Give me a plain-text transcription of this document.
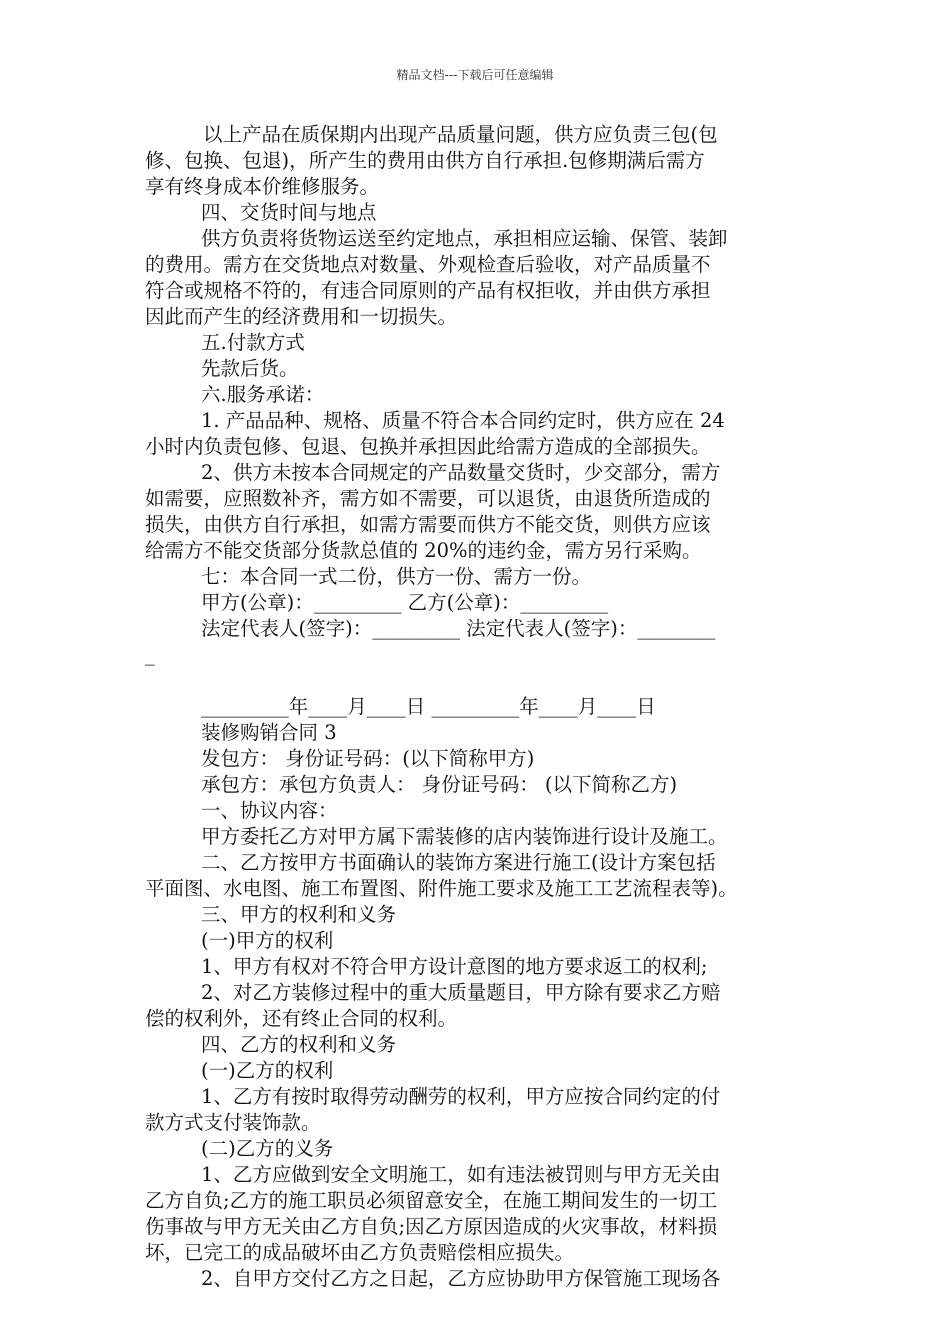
精品文档---下载后可任意编辑

以上产品在质保期内出现产品质量问题，供方应负责三包(包

修、包换、包退)，所产生的费用由供方自行承担.包修期满后需方

享有终身成本价维修服务。

四、交货时间与地点

供方负责将货物运送至约定地点，承担相应运输、保管、装卸

的费用。需方在交货地点对数量、外观检查后验收，对产品质量不

符合或规格不符的，有违合同原则的产品有权拒收，并由供方承担

因此而产生的经济费用和一切损失。

五.付款方式

先款后货。

六.服务承诺：

1. 产品品种、规格、质量不符合本合同约定时，供方应在 24

小时内负责包修、包退、包换并承担因此给需方造成的全部损失。

2、供方未按本合同规定的产品数量交货时，少交部分，需方

如需要，应照数补齐，需方如不需要，可以退货，由退货所造成的

损失，由供方自行承担，如需方需要而供方不能交货，则供方应该

给需方不能交货部分货款总值的 20%的违约金，需方另行采购。

七：本合同一式二份，供方一份、需方一份。

甲方(公章)：_________ 乙方(公章)：_________

法定代表人(签字)：_________ 法定代表人(签字)：________

_

_________年____月____日 _________年____月____日

装修购销合同 3

发包方： 身份证号码：(以下简称甲方)

承包方：承包方负责人： 身份证号码： (以下简称乙方)

一、协议内容：

甲方委托乙方对甲方属下需装修的店内装饰进行设计及施工。

二、乙方按甲方书面确认的装饰方案进行施工(设计方案包括

平面图、水电图、施工布置图、附件施工要求及施工工艺流程表等)。

三、甲方的权利和义务

(一)甲方的权利

1、甲方有权对不符合甲方设计意图的地方要求返工的权利;

2、对乙方装修过程中的重大质量题目，甲方除有要求乙方赔

偿的权利外，还有终止合同的权利。

四、乙方的权利和义务

(一)乙方的权利

1、乙方有按时取得劳动酬劳的权利，甲方应按合同约定的付

款方式支付装饰款。

(二)乙方的义务

1、乙方应做到安全文明施工，如有违法被罚则与甲方无关由

乙方自负;乙方的施工职员必须留意安全，在施工期间发生的一切工

伤事故与甲方无关由乙方自负;因乙方原因造成的火灾事故，材料损

坏，已完工的成品破坏由乙方负责赔偿相应损失。

2、自甲方交付乙方之日起，乙方应协助甲方保管施工现场各
